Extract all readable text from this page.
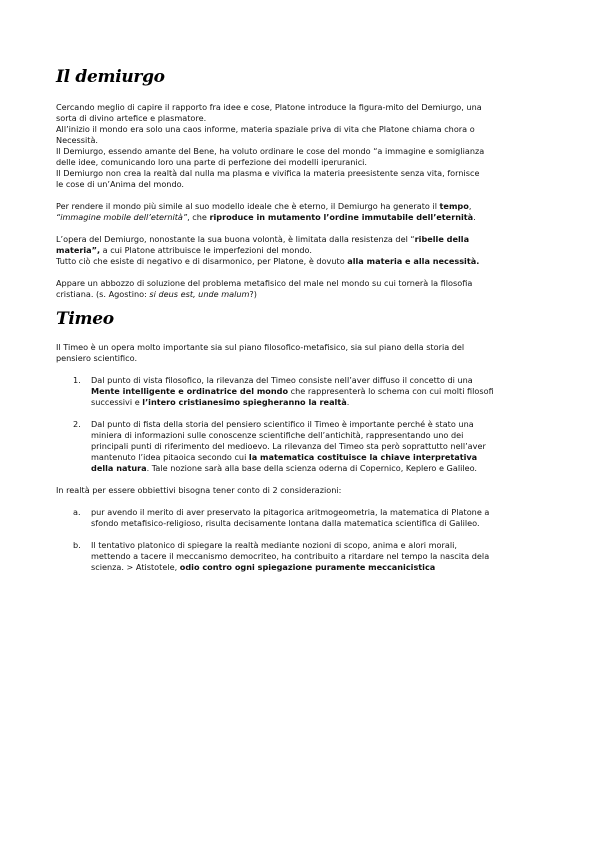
Il demiurgo

Cercando meglio di capire il rapporto fra idee e cose, Platone introduce la figura-mito del Demiurgo, una
sorta di divino artefice e plasmatore.
All’inizio il mondo era solo una caos informe, materia spaziale priva di vita che Platone chiama chora o
Necessità.
Il Demiurgo, essendo amante del Bene, ha voluto ordinare le cose del mondo “a immagine e somiglianza
delle idee, comunicando loro una parte di perfezione dei modelli iperuranici.
Il Demiurgo non crea la realtà dal nulla ma plasma e vivifica la materia preesistente senza vita, fornisce
le cose di un’Anima del mondo.

Per rendere il mondo più simile al suo modello ideale che è eterno, il Demiurgo ha generato il tempo,
“immagine mobile dell’eternità”, che riproduce in mutamento l’ordine immutabile dell’eternità.

L’opera del Demiurgo, nonostante la sua buona volontà, è limitata dalla resistenza del “ribelle della
materia”, a cui Platone attribuisce le imperfezioni del mondo.
Tutto ciò che esiste di negativo e di disarmonico, per Platone, è dovuto alla materia e alla necessità.

Appare un abbozzo di soluzione del problema metafisico del male nel mondo su cui tornerà la filosofia
cristiana. (s. Agostino: si deus est, unde malum?)

Timeo

Il Timeo è un opera molto importante sia sul piano filosofico-metafisico, sia sul piano della storia del
pensiero scientifico.

1.	Dal punto di vista filosofico, la rilevanza del Timeo consiste nell’aver diffuso il concetto di una
Mente intelligente e ordinatrice del mondo che rappresenterà lo schema con cui molti filosofi
successivi e l’intero cristianesimo spiegheranno la realtà.
2.	Dal punto di fista della storia del pensiero scientifico il Timeo è importante perché è stato una
miniera di informazioni sulle conoscenze scientifiche dell’antichità, rappresentando uno dei
principali punti di riferimento del medioevo. La rilevanza del Timeo sta però soprattutto nell’aver
mantenuto l’idea pitaoica secondo cui la matematica costituisce la chiave interpretativa
della natura. Tale nozione sarà alla base della scienza oderna di Copernico, Keplero e Galileo.

In realtà per essere obbiettivi bisogna tener conto di 2 considerazioni:

a.	pur avendo il merito di aver preservato la pitagorica aritmogeometria, la matematica di Platone a
sfondo metafisico-religioso, risulta decisamente lontana dalla matematica scientifica di Galileo.
b.	Il tentativo platonico di spiegare la realtà mediante nozioni di scopo, anima e alori morali,
mettendo a tacere il meccanismo democriteo, ha contribuito a ritardare nel tempo la nascita dela
scienza. > Atistotele, odio contro ogni spiegazione puramente meccanicistica
